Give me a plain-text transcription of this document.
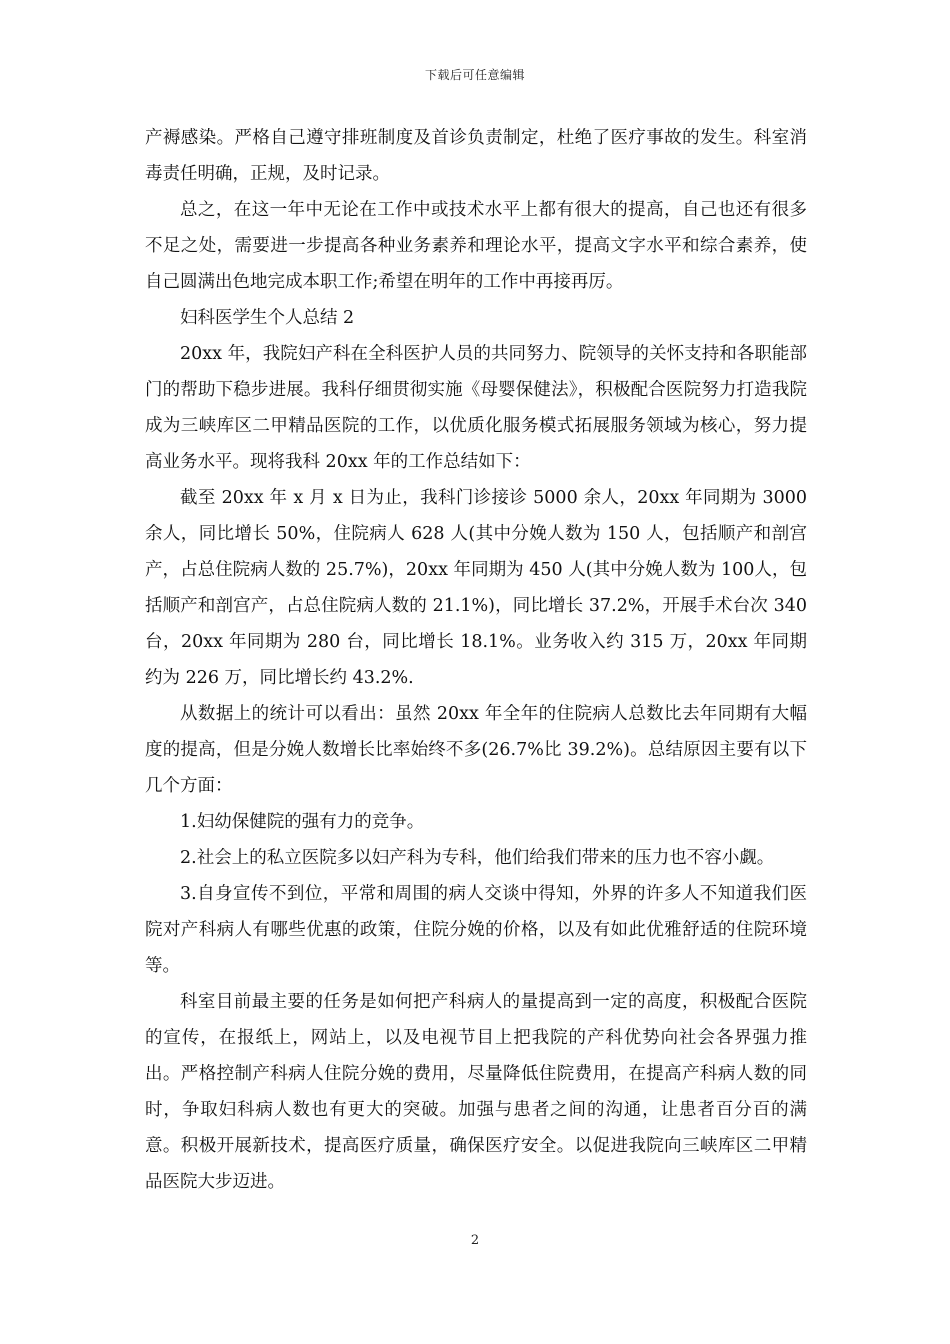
下载后可任意编辑

产褥感染。严格自己遵守排班制度及首诊负责制定，杜绝了医疗事故的发生。科室消毒责任明确，正规，及时记录。

总之，在这一年中无论在工作中或技术水平上都有很大的提高，自己也还有很多不足之处，需要进一步提高各种业务素养和理论水平，提高文字水平和综合素养，使自己圆满出色地完成本职工作;希望在明年的工作中再接再厉。

妇科医学生个人总结 2

20xx 年，我院妇产科在全科医护人员的共同努力、院领导的关怀支持和各职能部门的帮助下稳步进展。我科仔细贯彻实施《母婴保健法》，积极配合医院努力打造我院成为三峡库区二甲精品医院的工作，以优质化服务模式拓展服务领域为核心，努力提高业务水平。现将我科 20xx 年的工作总结如下：

截至 20xx 年 x 月 x 日为止，我科门诊接诊 5000 余人，20xx 年同期为 3000余人，同比增长 50%，住院病人 628 人(其中分娩人数为 150 人，包括顺产和剖宫产，占总住院病人数的 25.7%)，20xx 年同期为 450 人(其中分娩人数为 100人，包括顺产和剖宫产，占总住院病人数的 21.1%)，同比增长 37.2%，开展手术台次 340 台，20xx 年同期为 280 台，同比增长 18.1%。业务收入约 315 万，20xx 年同期约为 226 万，同比增长约 43.2%.

从数据上的统计可以看出：虽然 20xx 年全年的住院病人总数比去年同期有大幅度的提高，但是分娩人数增长比率始终不多(26.7%比 39.2%)。总结原因主要有以下几个方面：

1.妇幼保健院的强有力的竞争。

2.社会上的私立医院多以妇产科为专科，他们给我们带来的压力也不容小觑。

3.自身宣传不到位，平常和周围的病人交谈中得知，外界的许多人不知道我们医院对产科病人有哪些优惠的政策，住院分娩的价格，以及有如此优雅舒适的住院环境等。

科室目前最主要的任务是如何把产科病人的量提高到一定的高度，积极配合医院的宣传，在报纸上，网站上，以及电视节目上把我院的产科优势向社会各界强力推出。严格控制产科病人住院分娩的费用，尽量降低住院费用，在提高产科病人数的同时，争取妇科病人数也有更大的突破。加强与患者之间的沟通，让患者百分百的满意。积极开展新技术，提高医疗质量，确保医疗安全。以促进我院向三峡库区二甲精品医院大步迈进。

2
